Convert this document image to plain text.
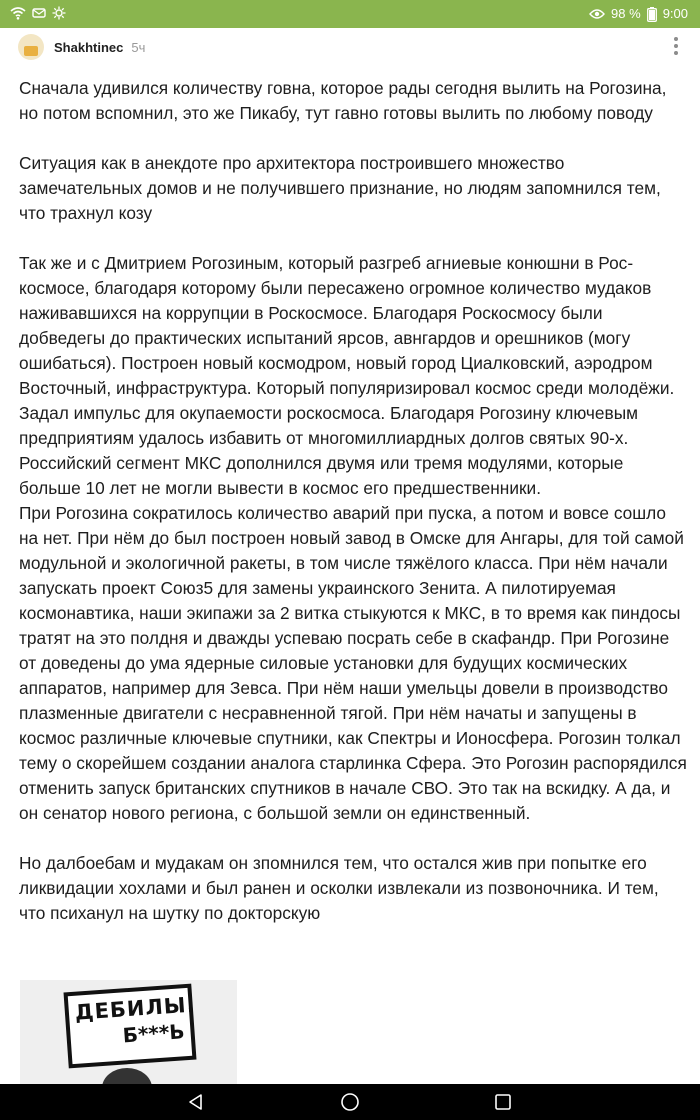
98 % 9:00
Shakhtinec 5ч

Сначала удивился количеству говна, которое рады сегодня вылить на Рогозина, но потом вспомнил, это же Пикабу, тут гавно готовы вылить по любому поводу

Ситуация как в анекдоте про архитектора построившего множество замечательных домов и не получившего признание, но людям запомнился тем, что трахнул козу

Так же и с Дмитрием Рогозиным, который разгреб агниевые конюшни в Рос-космосе, благодаря которому были пересажено огромное количество мудаков наживавшихся на коррупции в Роскосмосе. Благодаря Роскосмосу были добведегы до практических испытаний ярсов, авнгардов и орешников (могу ошибаться). Построен новый космодром, новый город Циалковский, аэродром Восточный, инфраструктура. Который популяризировал космос среди молодёжи. Задал импульс для окупаемости роскосмоса. Благодаря Рогозину ключевым предприятиям удалось избавить от многомиллиардных долгов святых 90-х. Российский сегмент МКС дополнился двумя или тремя модулями, которые больше 10 лет не могли вывести в космос его предшественники.

При Рогозина сократилось количество аварий при пуска, а потом и вовсе сошло на нет. При нём до был построен новый завод в Омске для Ангары, для той самой модульной и экологичной ракеты, в том числе тяжёлого класса. При нём начали запускать проект Союз5 для замены украинского Зенита. А пилотируемая космонавтика, наши экипажи за 2 витка стыкуются к МКС, в то время как пиндосы тратят на это полдня и дважды успеваю посрать себе в скафандр. При Рогозине от доведены до ума ядерные силовые установки для будущих космических аппаратов, например для Зевса. При нём наши умельцы довели в производство плазменные двигатели с несравненной тягой. При нём начаты и запущены в космос различные ключевые спутники, как Спектры и Ионосфера. Рогозин толкал тему о скорейшем создании аналога старлинка Сфера. Это Рогозин распорядился отменить запуск британских спутников в начале СВО. Это так на вскидку. А да, и он сенатор нового региона, с большой земли он единственный.

Но далбоебам и мудакам он зпомнился тем, что остался жив при попытке его ликвидации хохлами и был ранен и осколки извлекали из позвоночника. И тем, что психанул на шутку по докторскую

ДЕБИЛЫ.
Б***Ь
